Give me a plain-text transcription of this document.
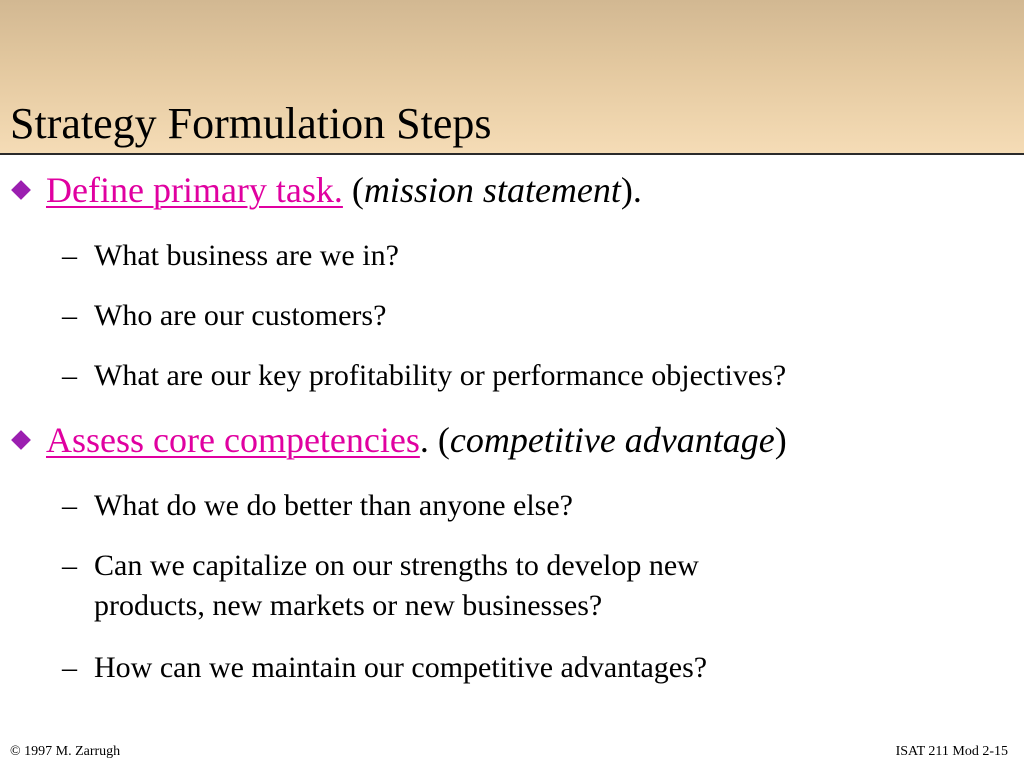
Strategy Formulation Steps
Define primary task. (mission statement).
– What business are we in?
– Who are our customers?
– What are our key profitability or performance objectives?
Assess core competencies. (competitive advantage)
– What do we do better than anyone else?
– Can we capitalize on our strengths to develop new
products, new markets or new businesses?
– How can we maintain our competitive advantages?
© 1997 M. Zarrugh	ISAT 211 Mod 2-15
